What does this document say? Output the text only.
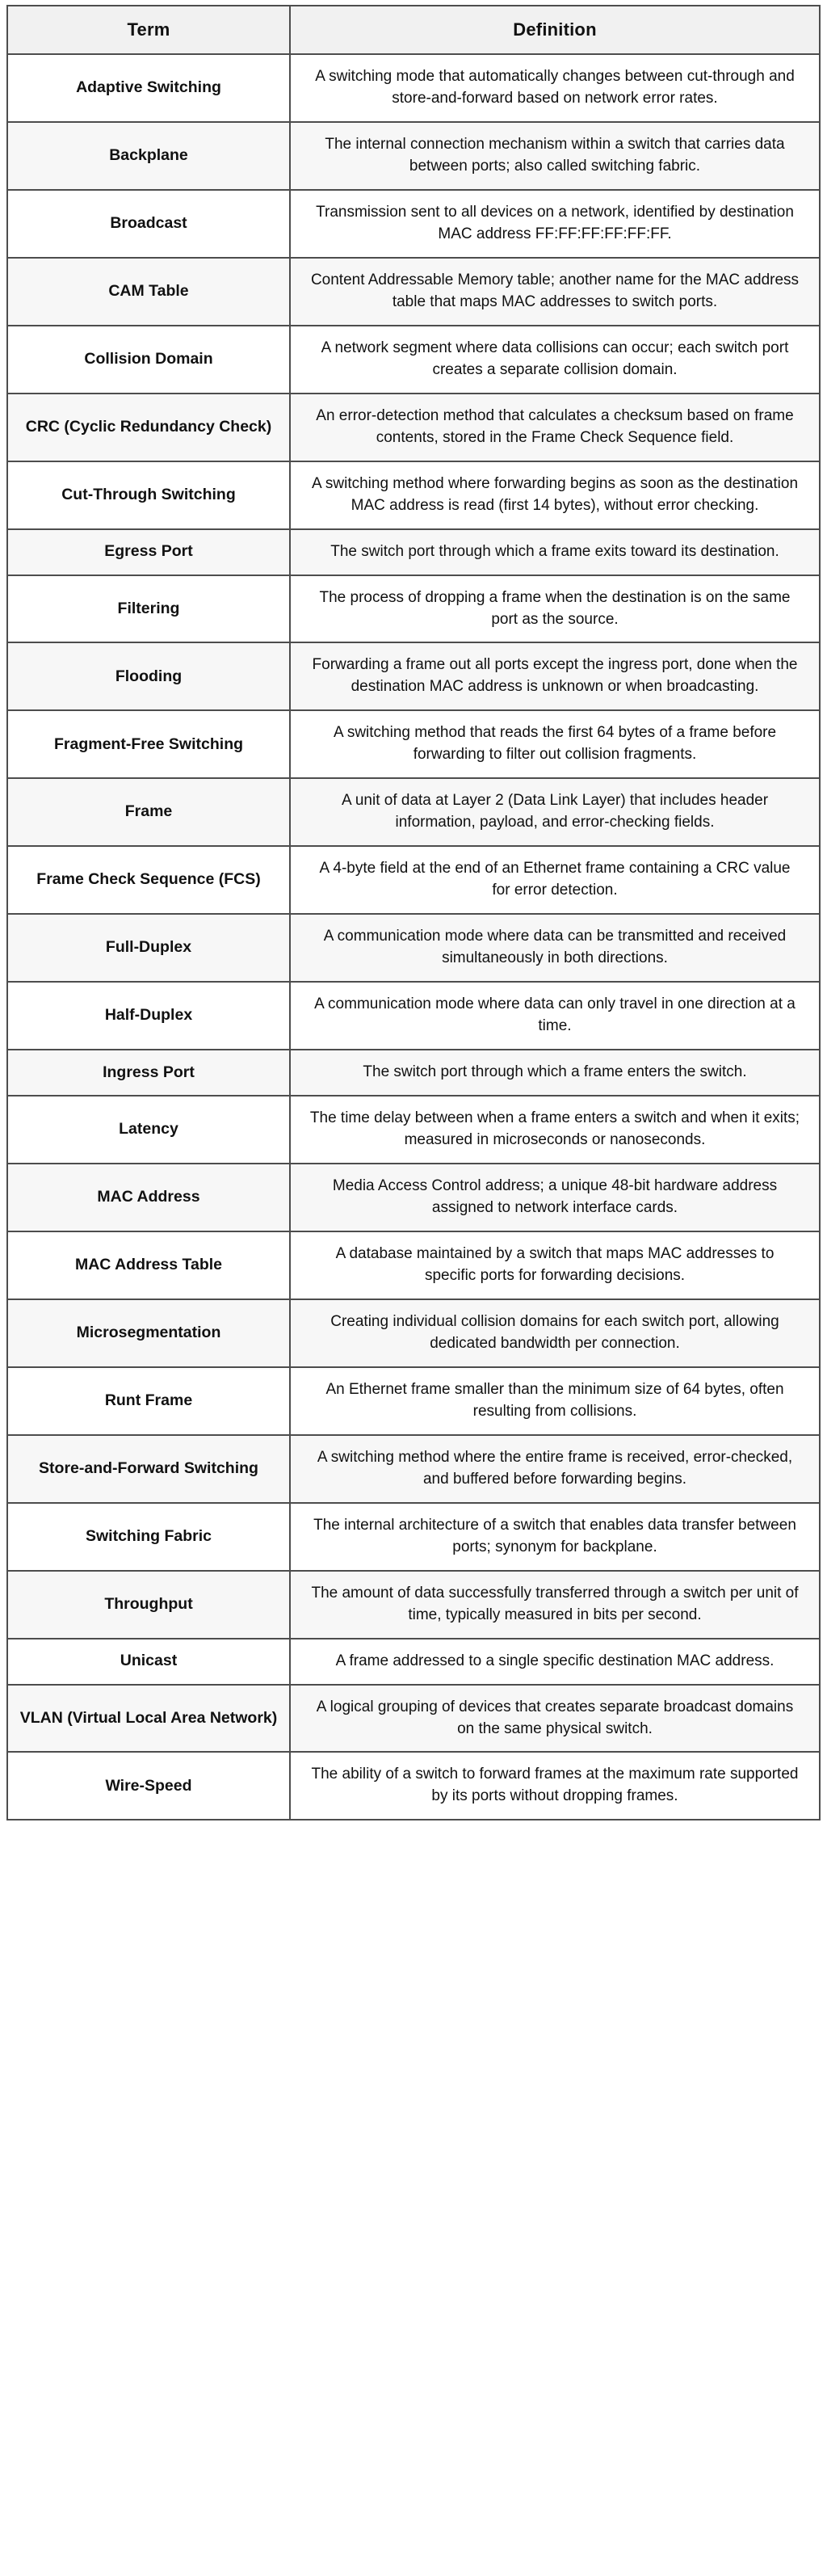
Term	Definition
Adaptive Switching	A switching mode that automatically changes between cut-through and store-and-forward based on network error rates.
Backplane	The internal connection mechanism within a switch that carries data between ports; also called switching fabric.
Broadcast	Transmission sent to all devices on a network, identified by destination MAC address FF:FF:FF:FF:FF:FF.
CAM Table	Content Addressable Memory table; another name for the MAC address table that maps MAC addresses to switch ports.
Collision Domain	A network segment where data collisions can occur; each switch port creates a separate collision domain.
CRC (Cyclic Redundancy Check)	An error-detection method that calculates a checksum based on frame contents, stored in the Frame Check Sequence field.
Cut-Through Switching	A switching method where forwarding begins as soon as the destination MAC address is read (first 14 bytes), without error checking.
Egress Port	The switch port through which a frame exits toward its destination.
Filtering	The process of dropping a frame when the destination is on the same port as the source.
Flooding	Forwarding a frame out all ports except the ingress port, done when the destination MAC address is unknown or when broadcasting.
Fragment-Free Switching	A switching method that reads the first 64 bytes of a frame before forwarding to filter out collision fragments.
Frame	A unit of data at Layer 2 (Data Link Layer) that includes header information, payload, and error-checking fields.
Frame Check Sequence (FCS)	A 4-byte field at the end of an Ethernet frame containing a CRC value for error detection.
Full-Duplex	A communication mode where data can be transmitted and received simultaneously in both directions.
Half-Duplex	A communication mode where data can only travel in one direction at a time.
Ingress Port	The switch port through which a frame enters the switch.
Latency	The time delay between when a frame enters a switch and when it exits; measured in microseconds or nanoseconds.
MAC Address	Media Access Control address; a unique 48-bit hardware address assigned to network interface cards.
MAC Address Table	A database maintained by a switch that maps MAC addresses to specific ports for forwarding decisions.
Microsegmentation	Creating individual collision domains for each switch port, allowing dedicated bandwidth per connection.
Runt Frame	An Ethernet frame smaller than the minimum size of 64 bytes, often resulting from collisions.
Store-and-Forward Switching	A switching method where the entire frame is received, error-checked, and buffered before forwarding begins.
Switching Fabric	The internal architecture of a switch that enables data transfer between ports; synonym for backplane.
Throughput	The amount of data successfully transferred through a switch per unit of time, typically measured in bits per second.
Unicast	A frame addressed to a single specific destination MAC address.
VLAN (Virtual Local Area Network)	A logical grouping of devices that creates separate broadcast domains on the same physical switch.
Wire-Speed	The ability of a switch to forward frames at the maximum rate supported by its ports without dropping frames.
